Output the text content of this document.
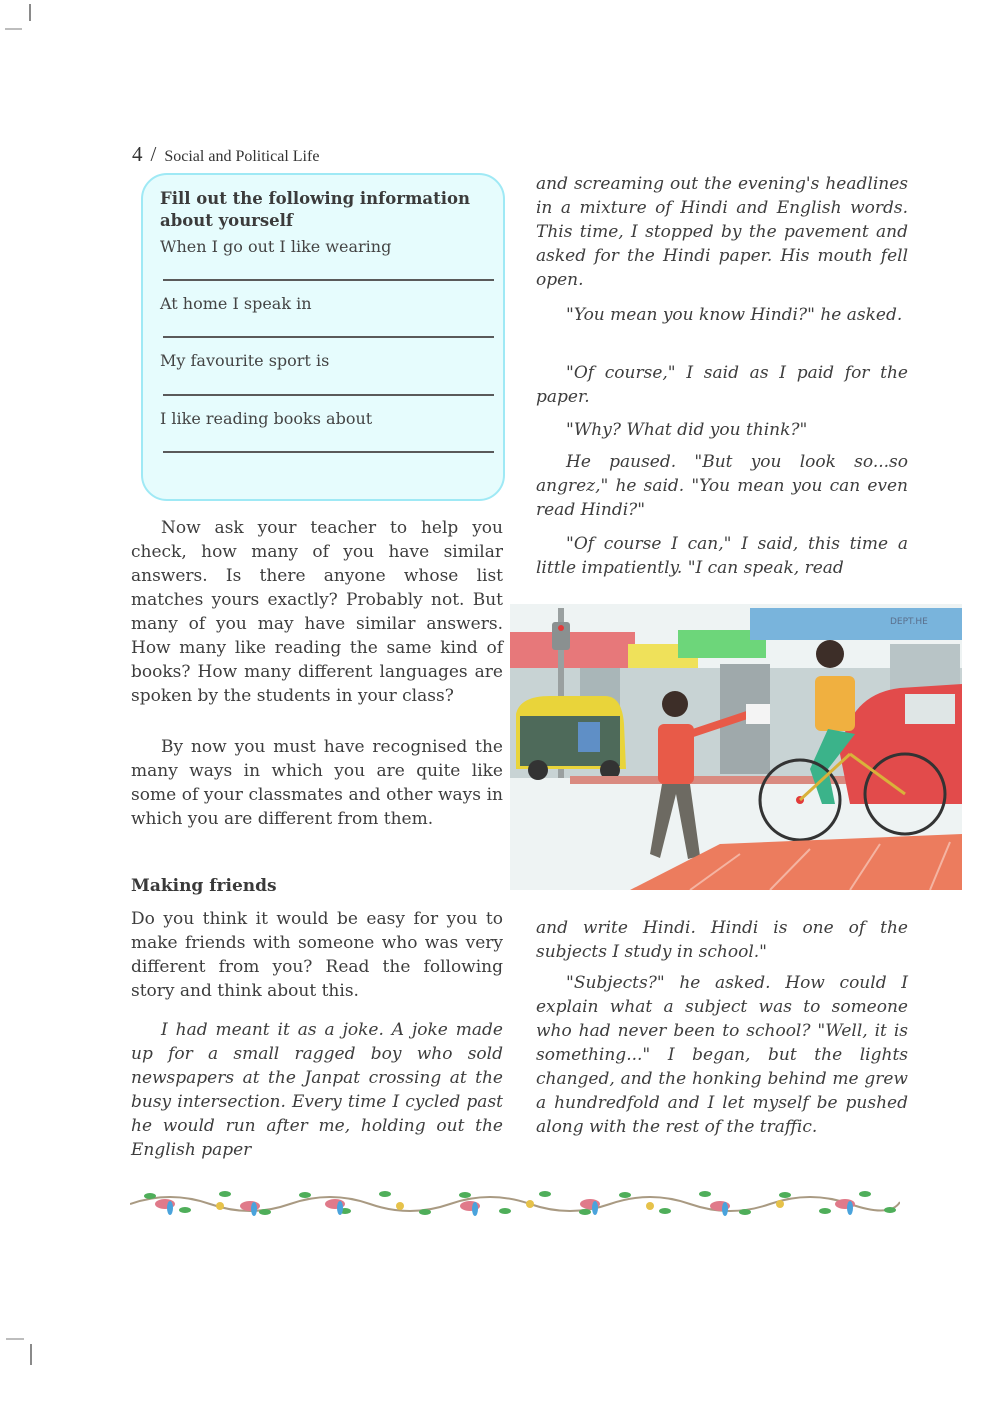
4 / Social and Political Life
Fill out the following information about yourself
When I go out I like wearing
At home I speak in
My favourite sport is
I like reading books about

Now ask your teacher to help you check, how many of you have similar answers. Is there anyone whose list matches yours exactly? Probably not. But many of you may have similar answers. How many like reading the same kind of books? How many different languages are spoken by the students in your class?

By now you must have recognised the many ways in which you are quite like some of your classmates and other ways in which you are different from them.

Making friends

Do you think it would be easy for you to make friends with someone who was very different from you? Read the following story and think about this.

I had meant it as a joke. A joke made up for a small ragged boy who sold newspapers at the Janpat crossing at the busy intersection. Every time I cycled past he would run after me, holding out the English paper

and screaming out the evening's headlines in a mixture of Hindi and English words. This time, I stopped by the pavement and asked for the Hindi paper. His mouth fell open.

"You mean you know Hindi?" he asked.

"Of course," I said as I paid for the paper.

"Why? What did you think?"

He paused. "But you look so...so angrez," he said. "You mean you can even read Hindi?"

"Of course I can," I said, this time a little impatiently. "I can speak, read

DEPT.HE

and write Hindi. Hindi is one of the subjects I study in school."

"Subjects?" he asked. How could I explain what a subject was to someone who had never been to school? "Well, it is something..." I began, but the lights changed, and the honking behind me grew a hundredfold and I let myself be pushed along with the rest of the traffic.
